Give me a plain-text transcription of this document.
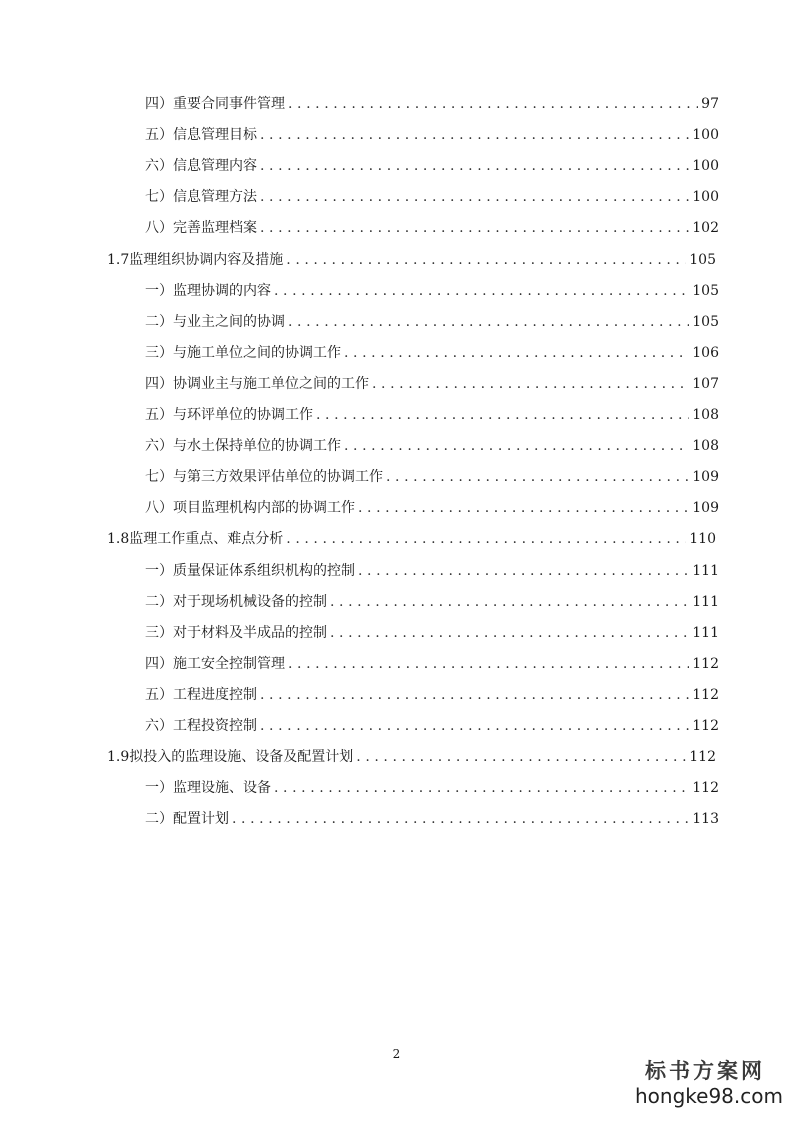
四）重要合同事件管理 .....	97
五）信息管理目标 .....	100
六）信息管理内容 .....	100
七）信息管理方法 .....	100
八）完善监理档案 .....	102
1.7监理组织协调内容及措施 .....	105
一）监理协调的内容 .....	105
二）与业主之间的协调 .....	105
三）与施工单位之间的协调工作 .....	106
四）协调业主与施工单位之间的工作 .....	107
五）与环评单位的协调工作 .....	108
六）与水土保持单位的协调工作 .....	108
七）与第三方效果评估单位的协调工作 .....	109
八）项目监理机构内部的协调工作 .....	109
1.8监理工作重点、难点分析 .....	110
一）质量保证体系组织机构的控制 .....	111
二）对于现场机械设备的控制 .....	111
三）对于材料及半成品的控制 .....	111
四）施工安全控制管理 .....	112
五）工程进度控制 .....	112
六）工程投资控制 .....	112
1.9拟投入的监理设施、设备及配置计划 .....	112
一）监理设施、设备 .....	112
二）配置计划 .....	113
2
标书方案网
hongke98.com
